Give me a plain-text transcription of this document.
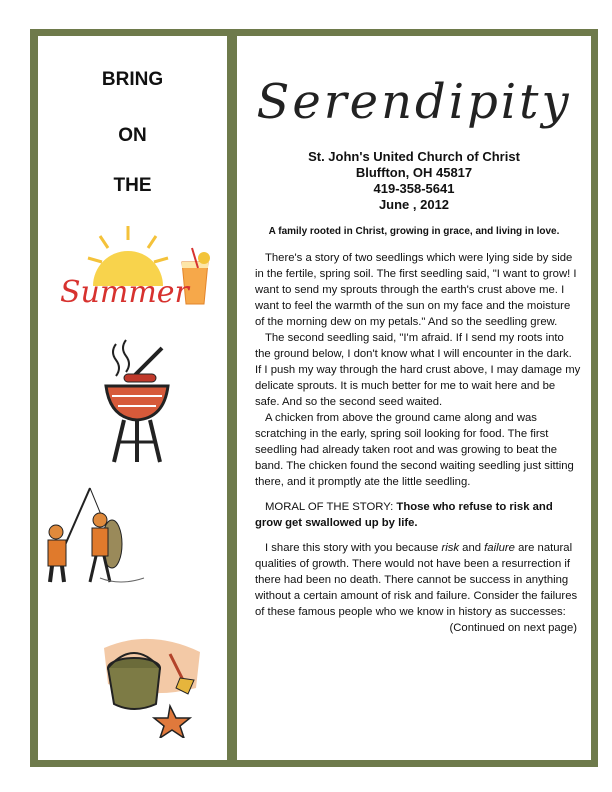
BRING
ON
THE
Summer
Serendipity
St. John's United Church of Christ
Bluffton, OH 45817
419-358-5641
June , 2012
A family rooted in Christ, growing in grace, and living in love.

There's a story of two seedlings which were lying side by side in the fertile, spring soil. The first seedling said, "I want to grow! I want to send my sprouts through the earth's crust above me. I want to feel the warmth of the sun on my face and the moisture of the morning dew on my petals." And so the seedling grew.

The second seedling said, "I'm afraid. If I send my roots into the ground below, I don't know what I will encounter in the dark. If I push my way through the hard crust above, I may damage my delicate sprouts. It is much better for me to wait here and be safe. And so the second seed waited.

A chicken from above the ground came along and was scratching in the early, spring soil looking for food. The first seedling had already taken root and was growing to beat the band. The chicken found the second waiting seedling just sitting there, and it promptly ate the little seedling.

MORAL OF THE STORY: Those who refuse to risk and grow get swallowed up by life.

I share this story with you because risk and failure are natural qualities of growth. There would not have been a resurrection if there had been no death. There cannot be success in anything without a certain amount of risk and failure. Consider the failures of these famous people who we know in history as successes:

(Continued on next page)
